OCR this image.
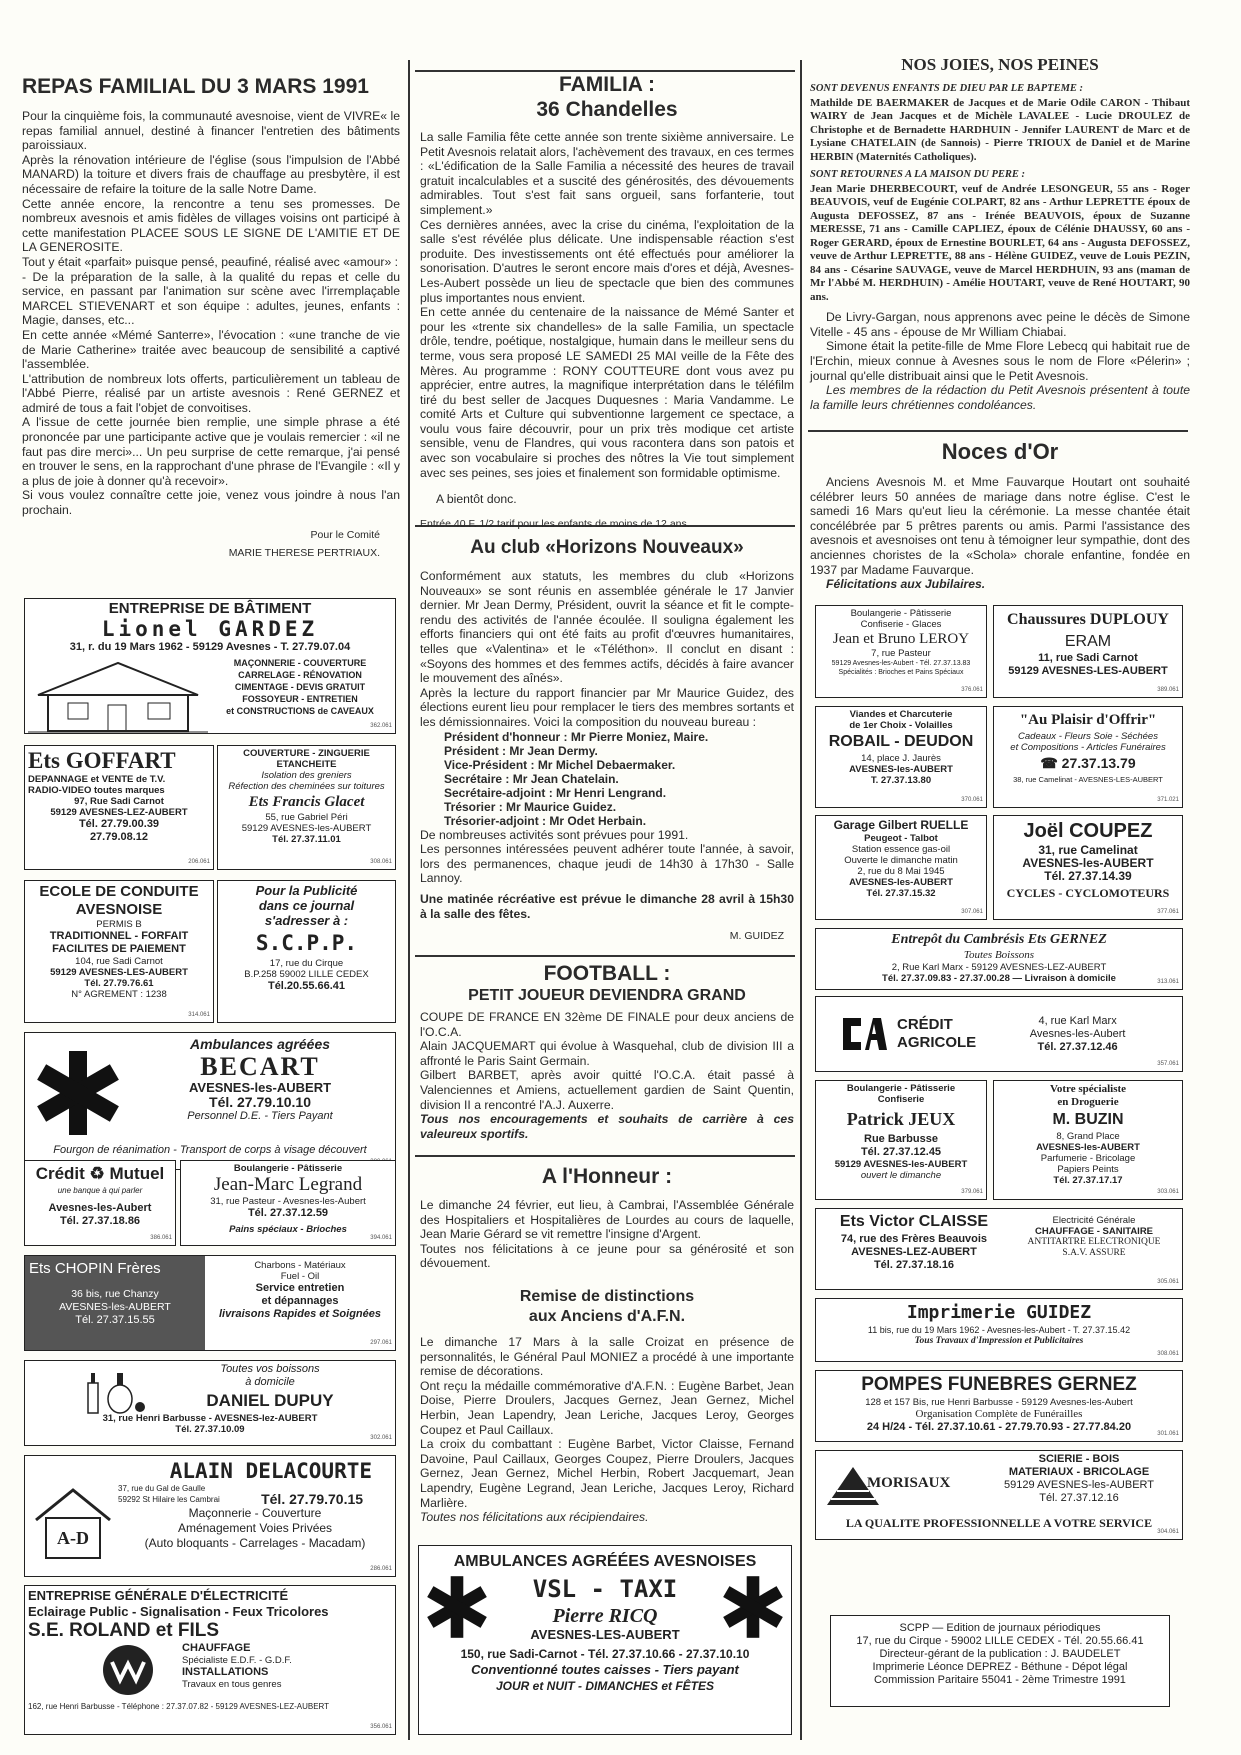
REPAS FAMILIAL DU 3 MARS 1991

Pour la cinquième fois, la communauté avesnoise, vient de VIVRE« le repas familial annuel, destiné à financer l'entretien des bâtiments paroissiaux.

Après la rénovation intérieure de l'église (sous l'impulsion de l'Abbé MANARD) la toiture et divers frais de chauffage au presbytère, il est nécessaire de refaire la toiture de la salle Notre Dame.

Cette année encore, la rencontre a tenu ses promesses. De nombreux avesnois et amis fidèles de villages voisins ont participé à cette manifestation PLACEE SOUS LE SIGNE DE L'AMITIE ET DE LA GENEROSITE.

Tout y était «parfait» puisque pensé, peaufiné, réalisé avec «amour» :

- De la préparation de la salle, à la qualité du repas et celle du service, en passant par l'animation sur scène avec l'irremplaçable MARCEL STIEVENART et son équipe : adultes, jeunes, enfants : Magie, danses, etc...

En cette année «Mémé Santerre», l'évocation : «une tranche de vie de Marie Catherine» traitée avec beaucoup de sensibilité a captivé l'assemblée.

L'attribution de nombreux lots offerts, particulièrement un tableau de l'Abbé Pierre, réalisé par un artiste avesnois : René GERNEZ et admiré de tous a fait l'objet de convoitises.

A l'issue de cette journée bien remplie, une simple phrase a été prononcée par une participante active que je voulais remercier : «il ne faut pas dire merci»... Un peu surprise de cette remarque, j'ai pensé en trouver le sens, en la rapprochant d'une phrase de l'Evangile : «Il y a plus de joie à donner qu'à recevoir».

Si vous voulez connaître cette joie, venez vous joindre à nous l'an prochain.

Pour le Comité
MARIE THERESE PERTRIAUX.
ENTREPRISE DE BÂTIMENT
Lionel GARDEZ
31, r. du 19 Mars 1962 - 59129 Avesnes - T. 27.79.07.04
MAÇONNERIE - COUVERTURE
CARRELAGE - RÉNOVATION
CIMENTAGE - DEVIS GRATUIT
FOSSOYEUR - ENTRETIEN
et CONSTRUCTIONS de CAVEAUX
362.061
Ets GOFFART
DEPANNAGE et VENTE de T.V.
RADIO-VIDEO toutes marques
97, Rue Sadi Carnot
59129 AVESNES-LEZ-AUBERT
Tél. 27.79.00.39
27.79.08.12
206.061
COUVERTURE - ZINGUERIE
ETANCHEITE
Isolation des greniers
Réfection des cheminées sur toitures
Ets Francis Glacet
55, rue Gabriel Péri
59129 AVESNES-les-AUBERT
Tél. 27.37.11.01
308.061
ECOLE DE CONDUITE
AVESNOISE
PERMIS B
TRADITIONNEL - FORFAIT
FACILITES DE PAIEMENT
104, rue Sadi Carnot
59129 AVESNES-LES-AUBERT
Tél. 27.79.76.61
N° AGREMENT : 1238
314.061
Pour la Publicité
dans ce journal
s'adresser à :
S.C.P.P.
17, rue du Cirque
B.P.258 59002 LILLE CEDEX
Tél.20.55.66.41
Ambulances agréées
BECART
AVESNES-les-AUBERT
Tél. 27.79.10.10
Personnel D.E. - Tiers Payant
Fourgon de réanimation - Transport de corps à visage découvert
Crédit ♻ Mutuel
une banque à qui parler
Avesnes-les-Aubert
Tél. 27.37.18.86
386.061
Boulangerie - Pâtisserie
Jean-Marc Legrand
31, rue Pasteur - Avesnes-les-Aubert
Tél. 27.37.12.59
Pains spéciaux - Brioches
394.061
Ets CHOPIN Frères
36 bis, rue Chanzy
AVESNES-les-AUBERT
Tél. 27.37.15.55
Charbons - Matériaux
Fuel - Oil
Service entretien
et dépannages
livraisons Rapides et Soignées
297.061
Toutes vos boissons
à domicile
DANIEL DUPUY
31, rue Henri Barbusse - AVESNES-lez-AUBERT
Tél. 27.37.10.09
302.061
ALAIN DELACOURTE
A-D
37, rue du Gal de Gaulle
59292 St Hilaire les Cambrai	Tél. 27.79.70.15
Maçonnerie - Couverture
Aménagement Voies Privées
(Auto bloquants - Carrelages - Macadam)
286.061
ENTREPRISE GÉNÉRALE D'ÉLECTRICITÉ
Eclairage Public - Signalisation - Feux Tricolores
S.E. ROLAND et FILS
CHAUFFAGE
Spécialiste E.D.F. - G.D.F.
INSTALLATIONS
Travaux en tous genres
162, rue Henri Barbusse - Téléphone : 27.37.07.82 - 59129 AVESNES-LEZ-AUBERT
356.061
FAMILIA :
36 Chandelles

La salle Familia fête cette année son trente sixième anniversaire. Le Petit Avesnois relatait alors, l'achèvement des travaux, en ces termes : «L'édification de la Salle Familia a nécessité des heures de travail gratuit incalculables et a suscité des générosités, des dévouements admirables. Tout s'est fait sans orgueil, sans forfanterie, tout simplement.»

Ces dernières années, avec la crise du cinéma, l'exploitation de la salle s'est révélée plus délicate. Une indispensable réaction s'est produite. Des investissements ont été effectués pour améliorer la sonorisation. D'autres le seront encore mais d'ores et déjà, Avesnes-Les-Aubert possède un lieu de spectacle que bien des communes plus importantes nous envient.

En cette année du centenaire de la naissance de Mémé Santer et pour les «trente six chandelles» de la salle Familia, un spectacle drôle, tendre, poétique, nostalgique, humain dans le meilleur sens du terme, vous sera proposé LE SAMEDI 25 MAI veille de la Fête des Mères. Au programme : RONY COUTTEURE dont vous avez pu apprécier, entre autres, la magnifique interprétation dans le téléfilm tiré du best seller de Jacques Duquesnes : Maria Vandamme. Le comité Arts et Culture qui subventionne largement ce spectace, a voulu vous faire découvrir, pour un prix très modique cet artiste sensible, venu de Flandres, qui vous racontera dans son patois et avec son vocabulaire si proches des nôtres la Vie tout simplement avec ses peines, ses joies et finalement son formidable optimisme.

A bientôt donc.

Entrée 40 F. 1/2 tarif pour les enfants de moins de 12 ans.

Au club «Horizons Nouveaux»

Conformément aux statuts, les membres du club «Horizons Nouveaux» se sont réunis en assemblée générale le 17 Janvier dernier. Mr Jean Dermy, Président, ouvrit la séance et fit le compte-rendu des activités de l'année écoulée. Il souligna également les efforts financiers qui ont été faits au profit d'œuvres humanitaires, telles que «Valentina» et le «Téléthon». Il conclut en disant : «Soyons des hommes et des femmes actifs, décidés à faire avancer le mouvement des aînés».

Après la lecture du rapport financier par Mr Maurice Guidez, des élections eurent lieu pour remplacer le tiers des membres sortants et les démissionnaires. Voici la composition du nouveau bureau :

Président d'honneur : Mr Pierre Moniez, Maire.
Président : Mr Jean Dermy.
Vice-Président : Mr Michel Debaermaker.
Secrétaire : Mr Jean Chatelain.
Secrétaire-adjoint : Mr Henri Lengrand.
Trésorier : Mr Maurice Guidez.
Trésorier-adjoint : Mr Odet Herbain.

De nombreuses activités sont prévues pour 1991.

Les personnes intéressées peuvent adhérer toute l'année, à savoir, lors des permanences, chaque jeudi de 14h30 à 17h30 - Salle Lannoy.

Une matinée récréative est prévue le dimanche 28 avril à 15h30 à la salle des fêtes.

M. GUIDEZ
FOOTBALL :
PETIT JOUEUR DEVIENDRA GRAND

COUPE DE FRANCE EN 32ème DE FINALE pour deux anciens de l'O.C.A.

Alain JACQUEMART qui évolue à Wasquehal, club de division III a affronté le Paris Saint Germain.

Gilbert BARBET, après avoir quitté l'O.C.A. était passé à Valenciennes et Amiens, actuellement gardien de Saint Quentin, division II a rencontré l'A.J. Auxerre.

Tous nos encouragements et souhaits de carrière à ces valeureux sportifs.

A l'Honneur :

Le dimanche 24 février, eut lieu, à Cambrai, l'Assemblée Générale des Hospitaliers et Hospitalières de Lourdes au cours de laquelle, Jean Marie Gérard se vit remettre l'insigne d'Argent.

Toutes nos félicitations à ce jeune pour sa générosité et son dévouement.

Remise de distinctions
aux Anciens d'A.F.N.

Le dimanche 17 Mars à la salle Croizat en présence de personnalités, le Général Paul MONIEZ a procédé à une importante remise de décorations.

Ont reçu la médaille commémorative d'A.F.N. : Eugène Barbet, Jean Doise, Pierre Droulers, Jacques Gernez, Jean Gernez, Michel Herbin, Jean Lapendry, Jean Leriche, Jacques Leroy, Georges Coupez et Paul Caillaux.

La croix du combattant : Eugène Barbet, Victor Claisse, Fernand Davoine, Paul Caillaux, Georges Coupez, Pierre Droulers, Jacques Gernez, Jean Gernez, Michel Herbin, Robert Jacquemart, Jean Lapendry, Eugène Legrand, Jean Leriche, Jacques Leroy, Richard Marlière.

Toutes nos félicitations aux récipiendaires.

AMBULANCES AGRÉÉES AVESNOISES
VSL - TAXI
Pierre RICQ
AVESNES-LES-AUBERT
150, rue Sadi-Carnot - Tél. 27.37.10.66 - 27.37.10.10
Conventionné toutes caisses - Tiers payant
JOUR et NUIT - DIMANCHES et FÊTES
NOS JOIES, NOS PEINES
SONT DEVENUS ENFANTS DE DIEU PAR LE BAPTEME :

Mathilde DE BAERMAKER de Jacques et de Marie Odile CARON - Thibaut WAIRY de Jean Jacques et de Michèle LAVALEE - Lucie DROULEZ de Christophe et de Bernadette HARDHUIN - Jennifer LAURENT de Marc et de Lysiane CHATELAIN (de Sannois) - Pierre TRIOUX de Daniel et de Marine HERBIN (Maternités Catholiques).

SONT RETOURNES A LA MAISON DU PERE :

Jean Marie DHERBECOURT, veuf de Andrée LESONGEUR, 55 ans - Roger BEAUVOIS, veuf de Eugénie COLPART, 82 ans - Arthur LEPRETTE époux de Augusta DEFOSSEZ, 87 ans - Irénée BEAUVOIS, époux de Suzanne MERESSE, 71 ans - Camille CAPLIEZ, époux de Célénie DHAUSSY, 60 ans - Roger GERARD, époux de Ernestine BOURLET, 64 ans - Augusta DEFOSSEZ, veuve de Arthur LEPRETTE, 88 ans - Hélène GUIDEZ, veuve de Louis PEZIN, 84 ans - Césarine SAUVAGE, veuve de Marcel HERDHUIN, 93 ans (maman de Mr l'Abbé M. HERDHUIN) - Amélie HOUTART, veuve de René HOUTART, 90 ans.

De Livry-Gargan, nous apprenons avec peine le décès de Simone Vitelle - 45 ans - épouse de Mr William Chiabai.

Simone était la petite-fille de Mme Flore Lebecq qui habitait rue de l'Erchin, mieux connue à Avesnes sous le nom de Flore «Pélerin» ; journal qu'elle distribuait ainsi que le Petit Avesnois.

Les membres de la rédaction du Petit Avesnois présentent à toute la famille leurs chrétiennes condoléances.

Noces d'Or

Anciens Avesnois M. et Mme Fauvarque Houtart ont souhaité célébrer leurs 50 années de mariage dans notre église. C'est le samedi 16 Mars qu'eut lieu la cérémonie. La messe chantée était concélébrée par 5 prêtres parents ou amis. Parmi l'assistance des avesnois et avesnoises ont tenu à témoigner leur sympathie, dont des anciennes choristes de la «Schola» chorale enfantine, fondée en 1937 par Madame Fauvarque.

Félicitations aux Jubilaires.

Boulangerie - Pâtisserie
Confiserie - Glaces
Jean et Bruno LEROY
7, rue Pasteur
59129 Avesnes-les-Aubert - Tél. 27.37.13.83
Spécialités : Brioches et Pains Spéciaux
376.061
Chaussures DUPLOUY
ERAM
11, rue Sadi Carnot
59129 AVESNES-LES-AUBERT
389.061
Viandes et Charcuterie
de 1er Choix - Volailles
ROBAIL - DEUDON
14, place J. Jaurès
AVESNES-les-AUBERT
T. 27.37.13.80
370.061
"Au Plaisir d'Offrir"
Cadeaux - Fleurs Soie - Séchées
et Compositions - Articles Funéraires
☎ 27.37.13.79
38, rue Camelinat - AVESNES-LES-AUBERT
371.021
Garage Gilbert RUELLE
Peugeot - Talbot
Station essence gas-oil
Ouverte le dimanche matin
2, rue du 8 Mai 1945
AVESNES-les-AUBERT
Tél. 27.37.15.32
307.061
Joël COUPEZ
31, rue Camelinat
AVESNES-les-AUBERT
Tél. 27.37.14.39
CYCLES - CYCLOMOTEURS
377.061
Entrepôt du Cambrésis Ets GERNEZ
Toutes Boissons
2, Rue Karl Marx - 59129 AVESNES-LEZ-AUBERT
Tél. 27.37.09.83 - 27.37.00.28 — Livraison à domicile	313.061
CRÉDIT
AGRICOLE
4, rue Karl Marx
Avesnes-les-Aubert
Tél. 27.37.12.46
357.061
Boulangerie - Pâtisserie
Confiserie
Patrick JEUX
Rue Barbusse
Tél. 27.37.12.45
59129 AVESNES-les-AUBERT
ouvert le dimanche
379.061
Votre spécialiste
en Droguerie
M. BUZIN
8, Grand Place
AVESNES-les-AUBERT
Parfumerie - Bricolage
Papiers Peints
Tél. 27.37.17.17
303.061
Ets Victor CLAISSE
74, rue des Frères Beauvois
AVESNES-LEZ-AUBERT
Tél. 27.37.18.16
Electricité Générale
CHAUFFAGE - SANITAIRE
ANTITARTRE ELECTRONIQUE
S.A.V. ASSURE
305.061
Imprimerie GUIDEZ
11 bis, rue du 19 Mars 1962 - Avesnes-les-Aubert - T. 27.37.15.42
Tous Travaux d'Impression et Publicitaires
308.061
POMPES FUNEBRES GERNEZ
128 et 157 Bis, rue Henri Barbusse - 59129 Avesnes-les-Aubert
Organisation Complète de Funérailles
24 H/24 - Tél. 27.37.10.61 - 27.79.70.93 - 27.77.84.20
301.061
MORISAUX
SCIERIE - BOIS
MATERIAUX - BRICOLAGE
59129 AVESNES-les-AUBERT
Tél. 27.37.12.16
LA QUALITE PROFESSIONNELLE A VOTRE SERVICE
304.061
SCPP — Edition de journaux périodiques
17, rue du Cirque - 59002 LILLE CEDEX - Tél. 20.55.66.41
Directeur-gérant de la publication : J. BAUDELET
Imprimerie Léonce DEPREZ - Béthune - Dépot légal
Commission Paritaire 55041 - 2ème Trimestre 1991
